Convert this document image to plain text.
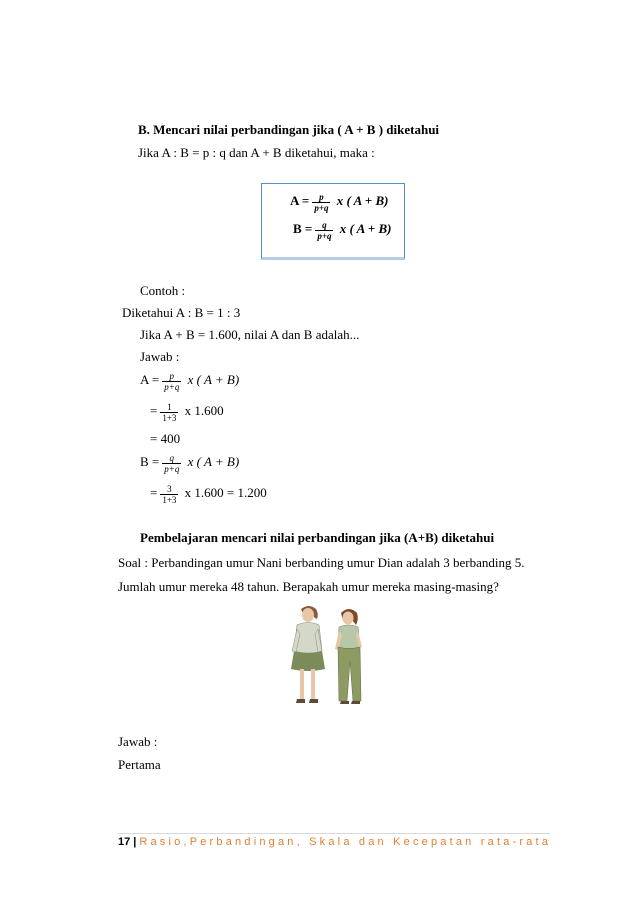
B. Mencari nilai perbandingan jika ( A + B ) diketahui
Jika A : B = p : q dan A + B diketahui, maka :
$A = \frac{p}{p+q}$ x ( A + B)
$B = \frac{q}{p+q}$ x ( A + B)
Contoh :
Diketahui A : B = 1 : 3
Jika A + B = 1.600, nilai A dan B adalah...
Jawab :
$A = \frac{p}{p+q}$ x ( A + B)
= $\frac{1}{1+3}$ x 1.600
= 400
$B = \frac{q}{p+q}$ x ( A + B)
= $\frac{3}{1+3}$ x 1.600 = 1.200
Pembelajaran mencari nilai perbandingan jika (A+B) diketahui
Soal : Perbandingan umur Nani berbanding umur Dian adalah 3 berbanding 5.
Jumlah umur mereka 48 tahun. Berapakah umur mereka masing-masing?
Jawab :
Pertama
17 | Rasio,Perbandingan, Skala dan Kecepatan rata-rata
